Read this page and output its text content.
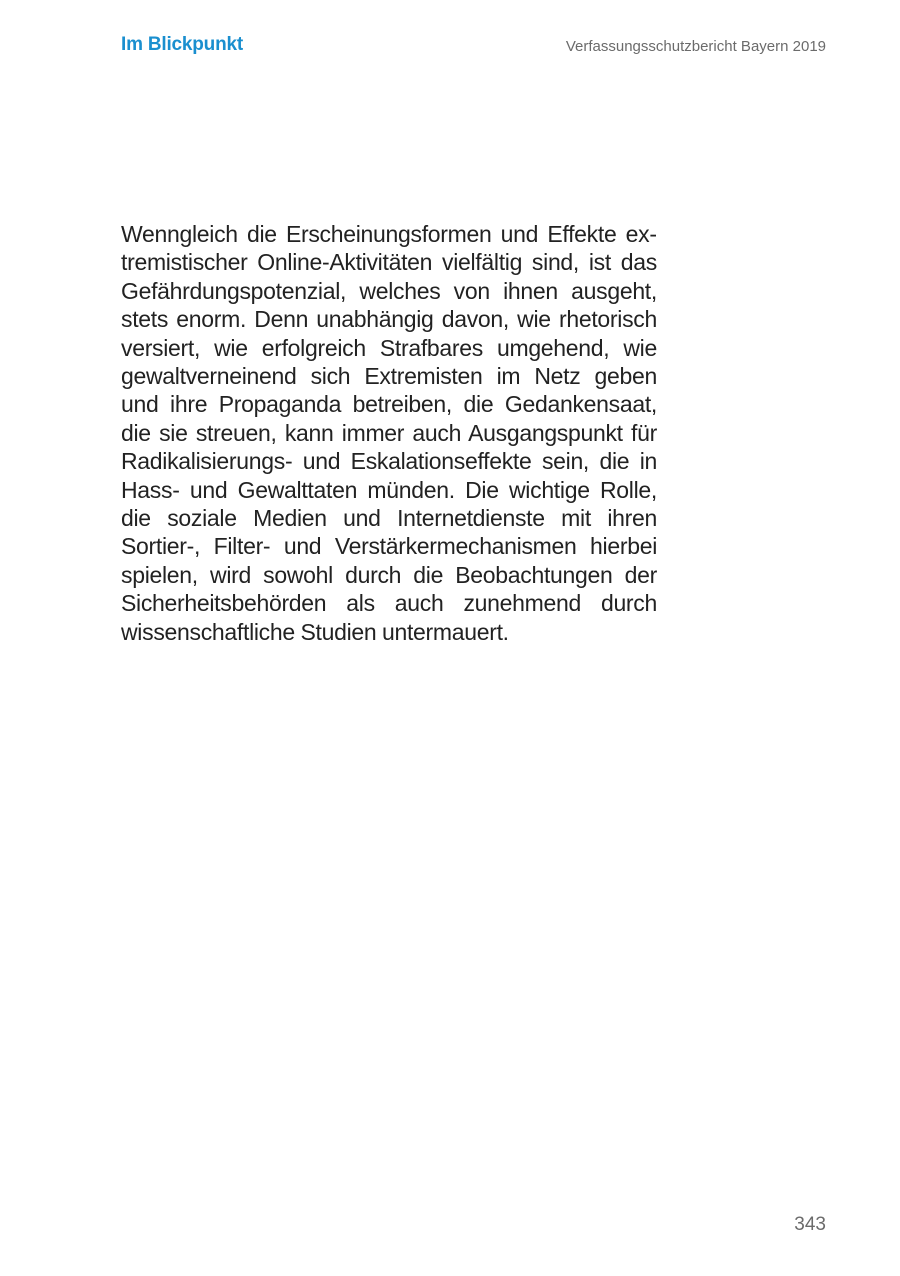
Im Blickpunkt	Verfassungsschutzbericht Bayern 2019

Wenngleich die Erscheinungsformen und Effekte extremistischer Online-Aktivitäten vielfältig sind, ist das Gefährdungspotenzial, welches von ihnen ausgeht, stets enorm. Denn unabhängig davon, wie rhetorisch versiert, wie erfolgreich Strafbares umgehend, wie gewaltverneinend sich Extremisten im Netz geben und ihre Propaganda betreiben, die Gedankensaat, die sie streuen, kann immer auch Ausgangspunkt für Radikalisierungs- und Eskalationseffekte sein, die in Hass- und Gewalttaten münden. Die wichtige Rolle, die soziale Medien und Internetdienste mit ihren Sortier-, Filter- und Verstärkermechanismen hierbei spielen, wird sowohl durch die Beobachtungen der Sicherheitsbehörden als auch zunehmend durch wissenschaftliche Studien untermauert.

343
